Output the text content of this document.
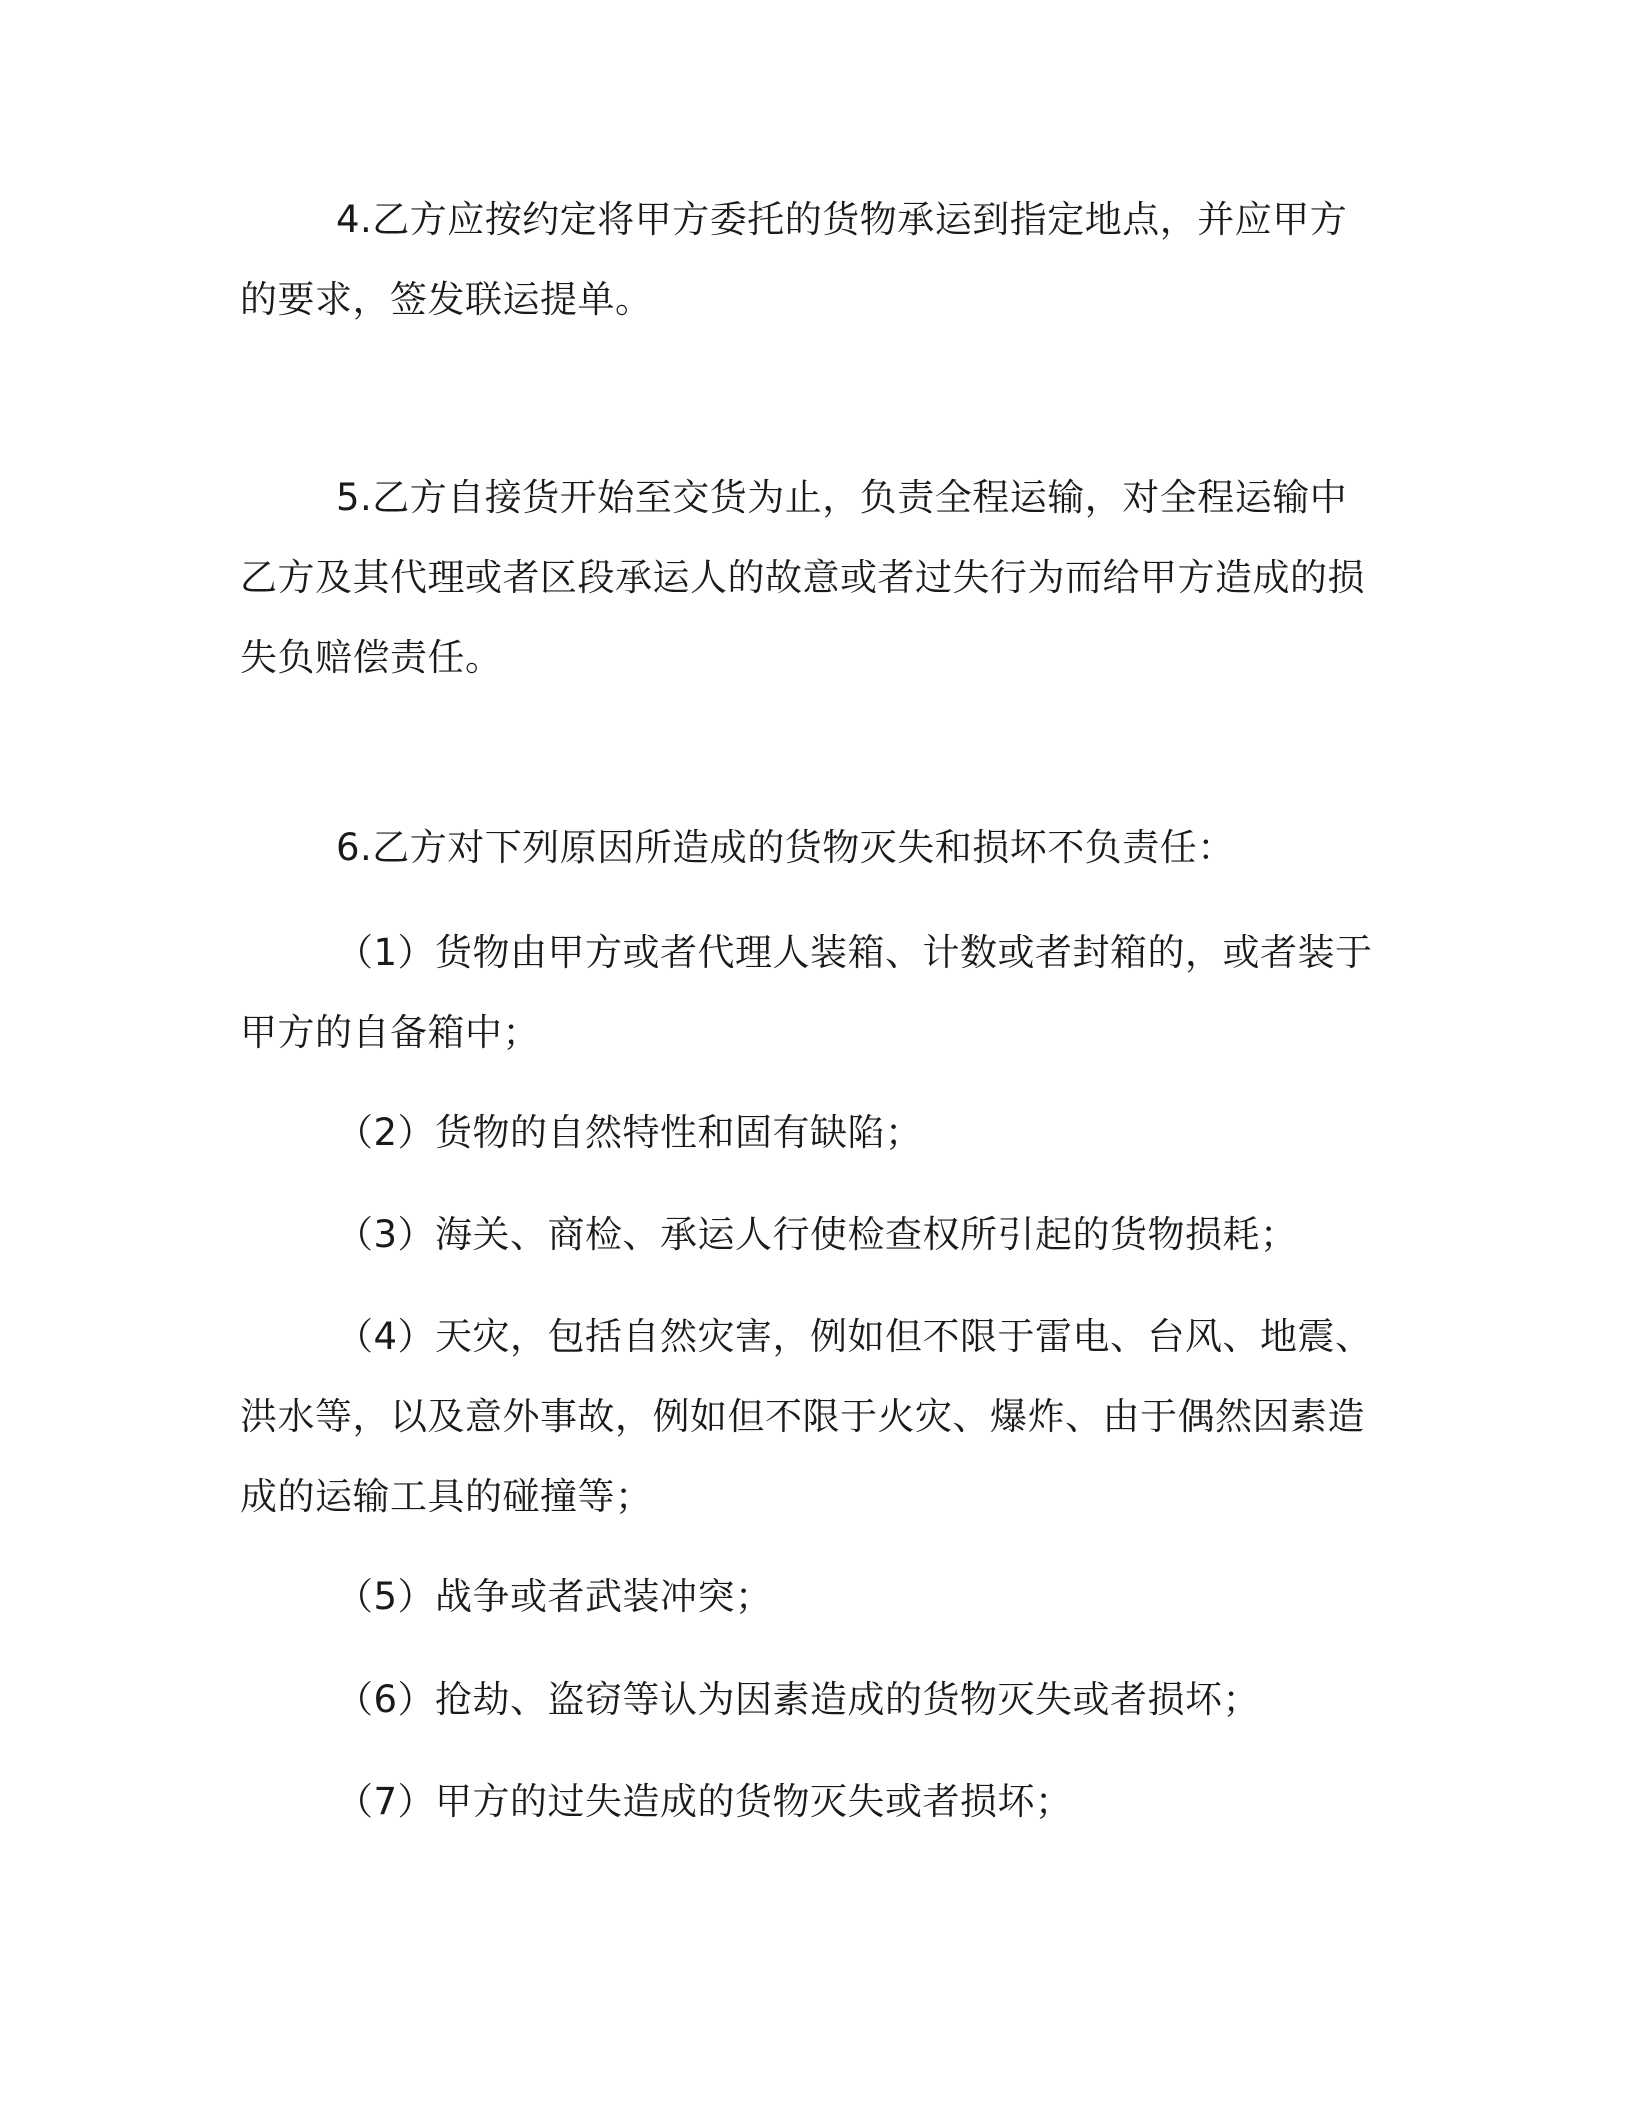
4.乙方应按约定将甲方委托的货物承运到指定地点，并应甲方的要求，签发联运提单。

5.乙方自接货开始至交货为止，负责全程运输，对全程运输中乙方及其代理或者区段承运人的故意或者过失行为而给甲方造成的损失负赔偿责任。

6.乙方对下列原因所造成的货物灭失和损坏不负责任：

（1）货物由甲方或者代理人装箱、计数或者封箱的，或者装于甲方的自备箱中；

（2）货物的自然特性和固有缺陷；

（3）海关、商检、承运人行使检查权所引起的货物损耗；

（4）天灾，包括自然灾害，例如但不限于雷电、台风、地震、洪水等，以及意外事故，例如但不限于火灾、爆炸、由于偶然因素造成的运输工具的碰撞等；

（5）战争或者武装冲突；

（6）抢劫、盗窃等认为因素造成的货物灭失或者损坏；

（7）甲方的过失造成的货物灭失或者损坏；
